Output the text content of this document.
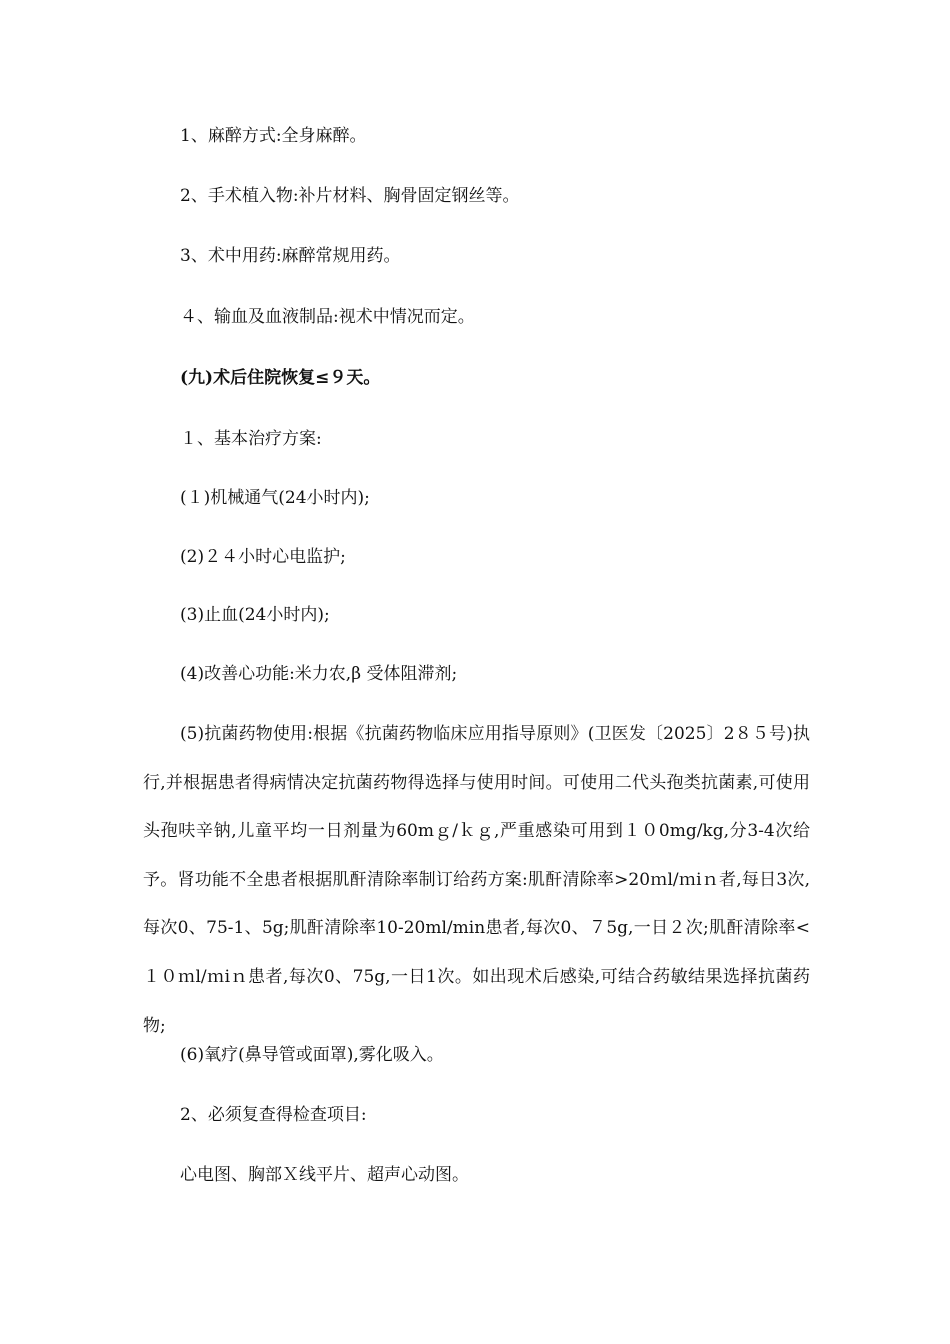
1、麻醉方式:全身麻醉。
2、手术植入物:补片材料、胸骨固定钢丝等。
3、术中用药:麻醉常规用药。
４、输血及血液制品:视术中情况而定。
(九)术后住院恢复≤９天。
１、基本治疗方案:
(１)机械通气(24小时内);
(2)２４小时心电监护;
(3)止血(24小时内);
(4)改善心功能:米力农,β 受体阻滞剂;
(5)抗菌药物使用:根据《抗菌药物临床应用指导原则》(卫医发〔2025〕2８５号)执行,并根据患者得病情决定抗菌药物得选择与使用时间。可使用二代头孢类抗菌素,可使用头孢呋辛钠,儿童平均一日剂量为60mｇ/ｋｇ,严重感染可用到１０0mg/kg,分3-4次给予。肾功能不全患者根据肌酐清除率制订给药方案:肌酐清除率>20ｍl/ｍiｎ者,每日3次,每次0、75-1、5g;肌酐清除率10-20ml/min患者,每次0、７5g,一日２次;肌酐清除率<１０ｍl/ｍiｎ患者,每次0、75g,一日1次。如出现术后感染,可结合药敏结果选择抗菌药物;
(6)氧疗(鼻导管或面罩),雾化吸入。
2、必须复查得检查项目:
心电图、胸部Ｘ线平片、超声心动图。
